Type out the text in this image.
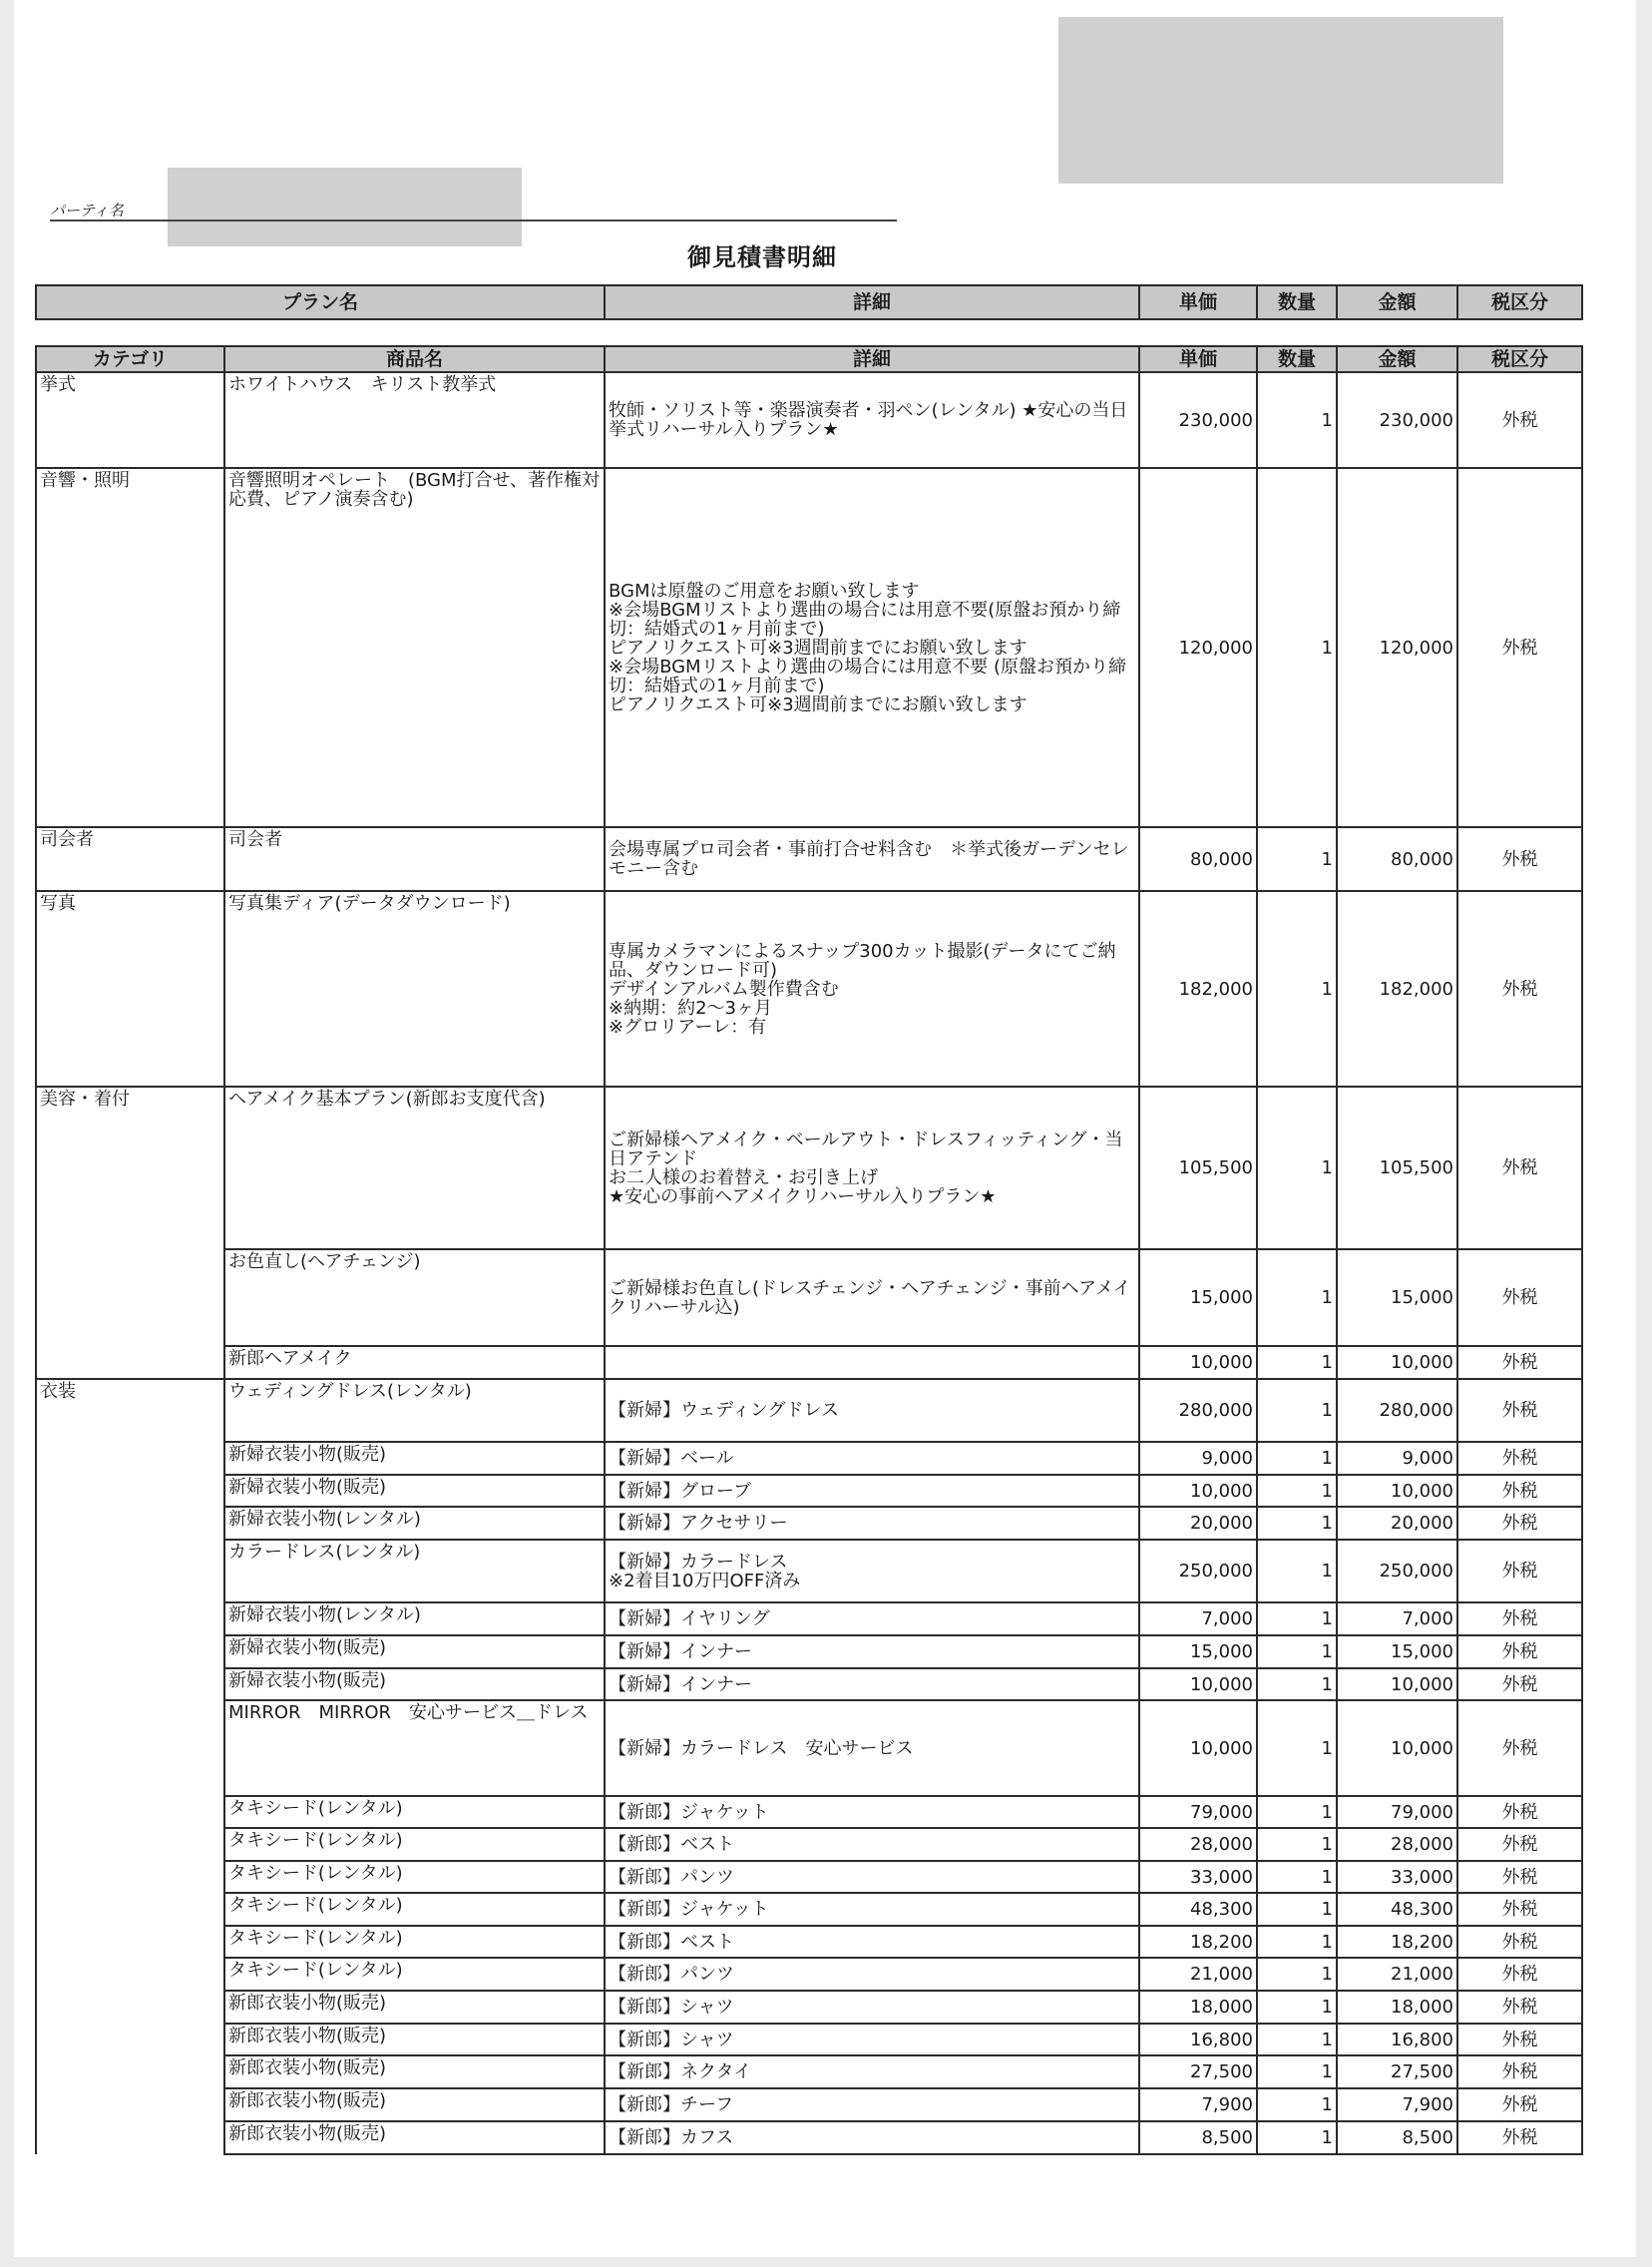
パーティ名
御見積書明細
プラン名	詳細	単価	数量	金額	税区分
カテゴリ	商品名	詳細	単価	数量	金額	税区分
挙式	ホワイトハウス　キリスト教挙式	牧師・ソリスト等・楽器演奏者・羽ペン(レンタル) ★安心の当日挙式リハーサル入りプラン★	230,000	1	230,000	外税
音響・照明	音響照明オペレート　(BGM打合せ、著作権対応費、ピアノ演奏含む)	BGMは原盤のご用意をお願い致します
※会場BGMリストより選曲の場合には用意不要(原盤お預かり締切：結婚式の1ヶ月前まで)
ピアノリクエスト可※3週間前までにお願い致します
※会場BGMリストより選曲の場合には用意不要 (原盤お預かり締切：結婚式の1ヶ月前まで)
ピアノリクエスト可※3週間前までにお願い致します	120,000	1	120,000	外税
司会者	司会者	会場専属プロ司会者・事前打合せ料含む　＊挙式後ガーデンセレモニー含む	80,000	1	80,000	外税
写真	写真集ディア(データダウンロード)	専属カメラマンによるスナップ300カット撮影(データにてご納品、ダウンロード可)
デザインアルバム製作費含む
※納期：約2～3ヶ月
※グロリアーレ：有	182,000	1	182,000	外税
美容・着付	ヘアメイク基本プラン(新郎お支度代含)	ご新婦様ヘアメイク・ベールアウト・ドレスフィッティング・当日アテンド
お二人様のお着替え・お引き上げ
★安心の事前ヘアメイクリハーサル入りプラン★	105,500	1	105,500	外税
	お色直し(ヘアチェンジ)	ご新婦様お色直し(ドレスチェンジ・ヘアチェンジ・事前ヘアメイクリハーサル込)	15,000	1	15,000	外税
	新郎ヘアメイク		10,000	1	10,000	外税
衣装	ウェディングドレス(レンタル)	【新婦】ウェディングドレス	280,000	1	280,000	外税
	新婦衣装小物(販売)	【新婦】ベール	9,000	1	9,000	外税
	新婦衣装小物(販売)	【新婦】グローブ	10,000	1	10,000	外税
	新婦衣装小物(レンタル)	【新婦】アクセサリー	20,000	1	20,000	外税
	カラードレス(レンタル)	【新婦】カラードレス
※2着目10万円OFF済み	250,000	1	250,000	外税
	新婦衣装小物(レンタル)	【新婦】イヤリング	7,000	1	7,000	外税
	新婦衣装小物(販売)	【新婦】インナー	15,000	1	15,000	外税
	新婦衣装小物(販売)	【新婦】インナー	10,000	1	10,000	外税
	MIRROR　MIRROR　安心サービス＿ドレス	【新婦】カラードレス　安心サービス	10,000	1	10,000	外税
	タキシード(レンタル)	【新郎】ジャケット	79,000	1	79,000	外税
	タキシード(レンタル)	【新郎】ベスト	28,000	1	28,000	外税
	タキシード(レンタル)	【新郎】パンツ	33,000	1	33,000	外税
	タキシード(レンタル)	【新郎】ジャケット	48,300	1	48,300	外税
	タキシード(レンタル)	【新郎】ベスト	18,200	1	18,200	外税
	タキシード(レンタル)	【新郎】パンツ	21,000	1	21,000	外税
	新郎衣装小物(販売)	【新郎】シャツ	18,000	1	18,000	外税
	新郎衣装小物(販売)	【新郎】シャツ	16,800	1	16,800	外税
	新郎衣装小物(販売)	【新郎】ネクタイ	27,500	1	27,500	外税
	新郎衣装小物(販売)	【新郎】チーフ	7,900	1	7,900	外税
	新郎衣装小物(販売)	【新郎】カフス	8,500	1	8,500	外税
